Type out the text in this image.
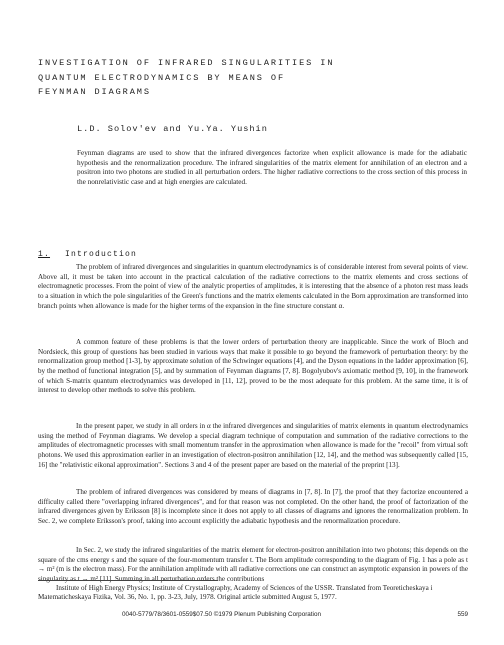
INVESTIGATION OF INFRARED SINGULARITIES IN
QUANTUM ELECTRODYNAMICS BY MEANS OF
FEYNMAN DIAGRAMS
L.D. Solov'ev and Yu.Ya. Yushin

Feynman diagrams are used to show that the infrared divergences factorize when explicit allowance is made for the adiabatic hypothesis and the renormalization procedure. The infrared singularities of the matrix element for annihilation of an electron and a positron into two photons are studied in all perturbation orders. The higher radiative corrections to the cross section of this process in the nonrelativistic case and at high energies are calculated.

1. Introduction

The problem of infrared divergences and singularities in quantum electrodynamics is of considerable interest from several points of view. Above all, it must be taken into account in the practical calculation of the radiative corrections to the matrix elements and cross sections of electromagnetic processes. From the point of view of the analytic properties of amplitudes, it is interesting that the absence of a photon rest mass leads to a situation in which the pole singularities of the Green's functions and the matrix elements calculated in the Born approximation are transformed into branch points when allowance is made for the higher terms of the expansion in the fine structure constant α.

A common feature of these problems is that the lower orders of perturbation theory are inapplicable. Since the work of Bloch and Nordsieck, this group of questions has been studied in various ways that make it possible to go beyond the framework of perturbation theory: by the renormalization group method [1-3], by approximate solution of the Schwinger equations [4], and the Dyson equations in the ladder approximation [6], by the method of functional integration [5], and by summation of Feynman diagrams [7, 8]. Bogolyubov's axiomatic method [9, 10], in the framework of which S-matrix quantum electrodynamics was developed in [11, 12], proved to be the most adequate for this problem. At the same time, it is of interest to develop other methods to solve this problem.

In the present paper, we study in all orders in α the infrared divergences and singularities of matrix elements in quantum electrodynamics using the method of Feynman diagrams. We develop a special diagram technique of computation and summation of the radiative corrections to the amplitudes of electromagnetic processes with small momentum transfer in the approximation when allowance is made for the "recoil" from virtual soft photons. We used this approximation earlier in an investigation of electron-positron annihilation [12, 14], and the method was subsequently called [15, 16] the "relativistic eikonal approximation". Sections 3 and 4 of the present paper are based on the material of the preprint [13].

The problem of infrared divergences was considered by means of diagrams in [7, 8]. In [7], the proof that they factorize encountered a difficulty called there "overlapping infrared divergences", and for that reason was not completed. On the other hand, the proof of factorization of the infrared divergences given by Eriksson [8] is incomplete since it does not apply to all classes of diagrams and ignores the renormalization problem. In Sec. 2, we complete Eriksson's proof, taking into account explicitly the adiabatic hypothesis and the renormalization procedure.

In Sec. 2, we study the infrared singularities of the matrix element for electron-positron annihilation into two photons; this depends on the square of the cms energy s and the square of the four-momentum transfer t. The Born amplitude corresponding to the diagram of Fig. 1 has a pole as t → m² (m is the electron mass). For the annihilation amplitude with all radiative corrections one can construct an asymptotic expansion in powers of the singularity as t → m² [11]. Summing in all perturbation orders the contributions

Institute of High Energy Physics; Institute of Crystallography, Academy of Sciences of the USSR. Translated from Teoreticheskaya i Matematicheskaya Fizika, Vol. 36, No. 1, pp. 3-23, July, 1978. Original article submitted August 5, 1977.

0040-5779/78/3601-0559$07.50 ©1979 Plenum Publishing Corporation	559
